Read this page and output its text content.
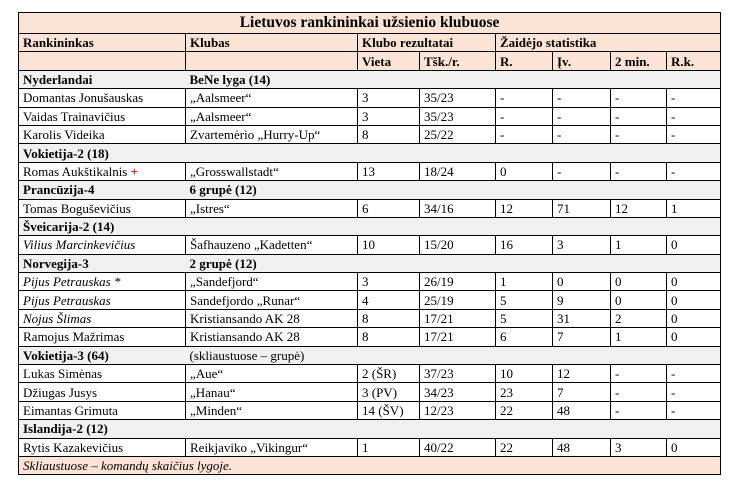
Lietuvos rankininkai užsienio klubuose							
Rankininkas	Klubas	Klubo rezultatai		Žaidėjo statistika			
		Vieta	Tšk./r.	R.	Įv.	2 min.	R.k.
Nyderlandai	BeNe lyga (14)						
Domantas Jonušauskas	„Aalsmeer“	3	35/23	-	-	-	-
Vaidas Trainavičius	„Aalsmeer“	3	35/23	-	-	-	-
Karolis Videika	Zvartemėrio „Hurry-Up“	8	25/22	-	-	-	-
Vokietija-2 (18)							
Romas Aukštikalnis +	„Grosswallstadt“	13	18/24	0	-	-	-
Prancūzija-4	6 grupė (12)						
Tomas Boguševičius	„Istres“	6	34/16	12	71	12	1
Šveicarija-2 (14)							
Vilius Marcinkevičius	Šafhauzeno „Kadetten“	10	15/20	16	3	1	0
Norvegija-3	2 grupė (12)						
Pijus Petrauskas *	„Sandefjord“	3	26/19	1	0	0	0
Pijus Petrauskas	Sandefjordo „Runar“	4	25/19	5	9	0	0
Nojus Šlimas	Kristiansando AK 28	8	17/21	5	31	2	0
Ramojus Mažrimas	Kristiansando AK 28	8	17/21	6	7	1	0
Vokietija-3 (64)	(skliaustuose – grupė)						
Lukas Simėnas	„Aue“	2 (ŠR)	37/23	10	12	-	-
Džiugas Jusys	„Hanau“	3 (PV)	34/23	23	7	-	-
Eimantas Grimuta	„Minden“	14 (ŠV)	12/23	22	48	-	-
Islandija-2 (12)							
Rytis Kazakevičius	Reikjaviko „Vikingur“	1	40/22	22	48	3	0
Skliaustuose – komandų skaičius lygoje.							
